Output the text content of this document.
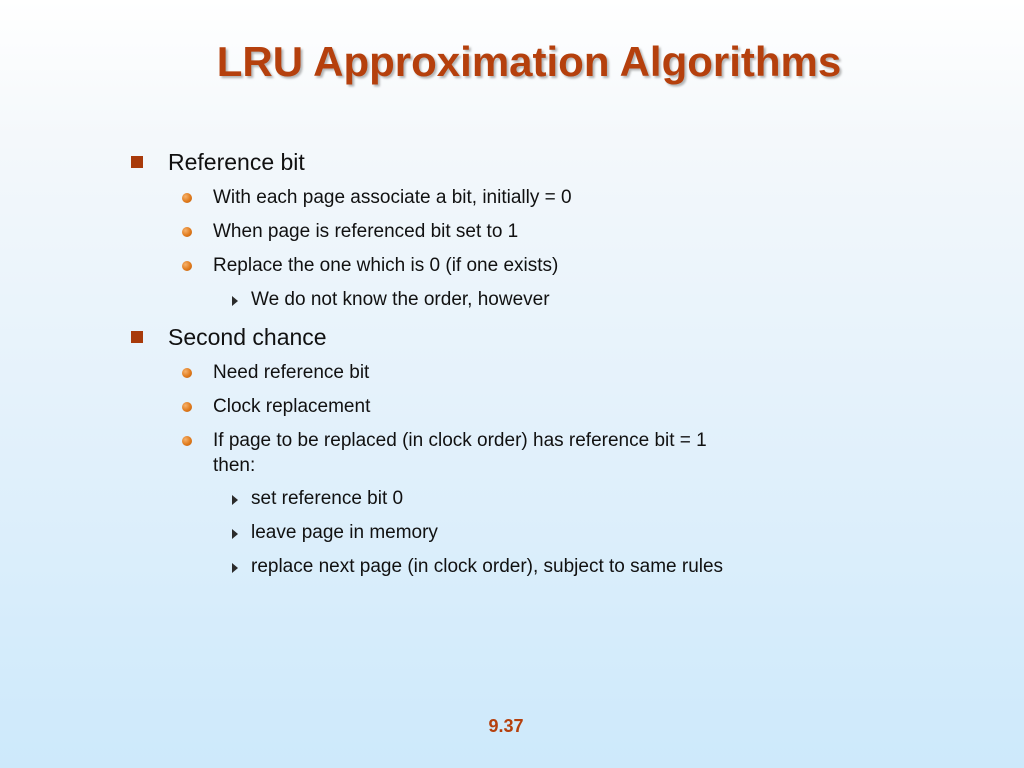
LRU Approximation Algorithms
Reference bit
With each page associate a bit, initially = 0
When page is referenced bit set to 1
Replace the one which is 0 (if one exists)
We do not know the order, however
Second chance
Need reference bit
Clock replacement
If page to be replaced (in clock order) has reference bit = 1
then:
set reference bit 0
leave page in memory
replace next page (in clock order), subject to same rules
9.37
